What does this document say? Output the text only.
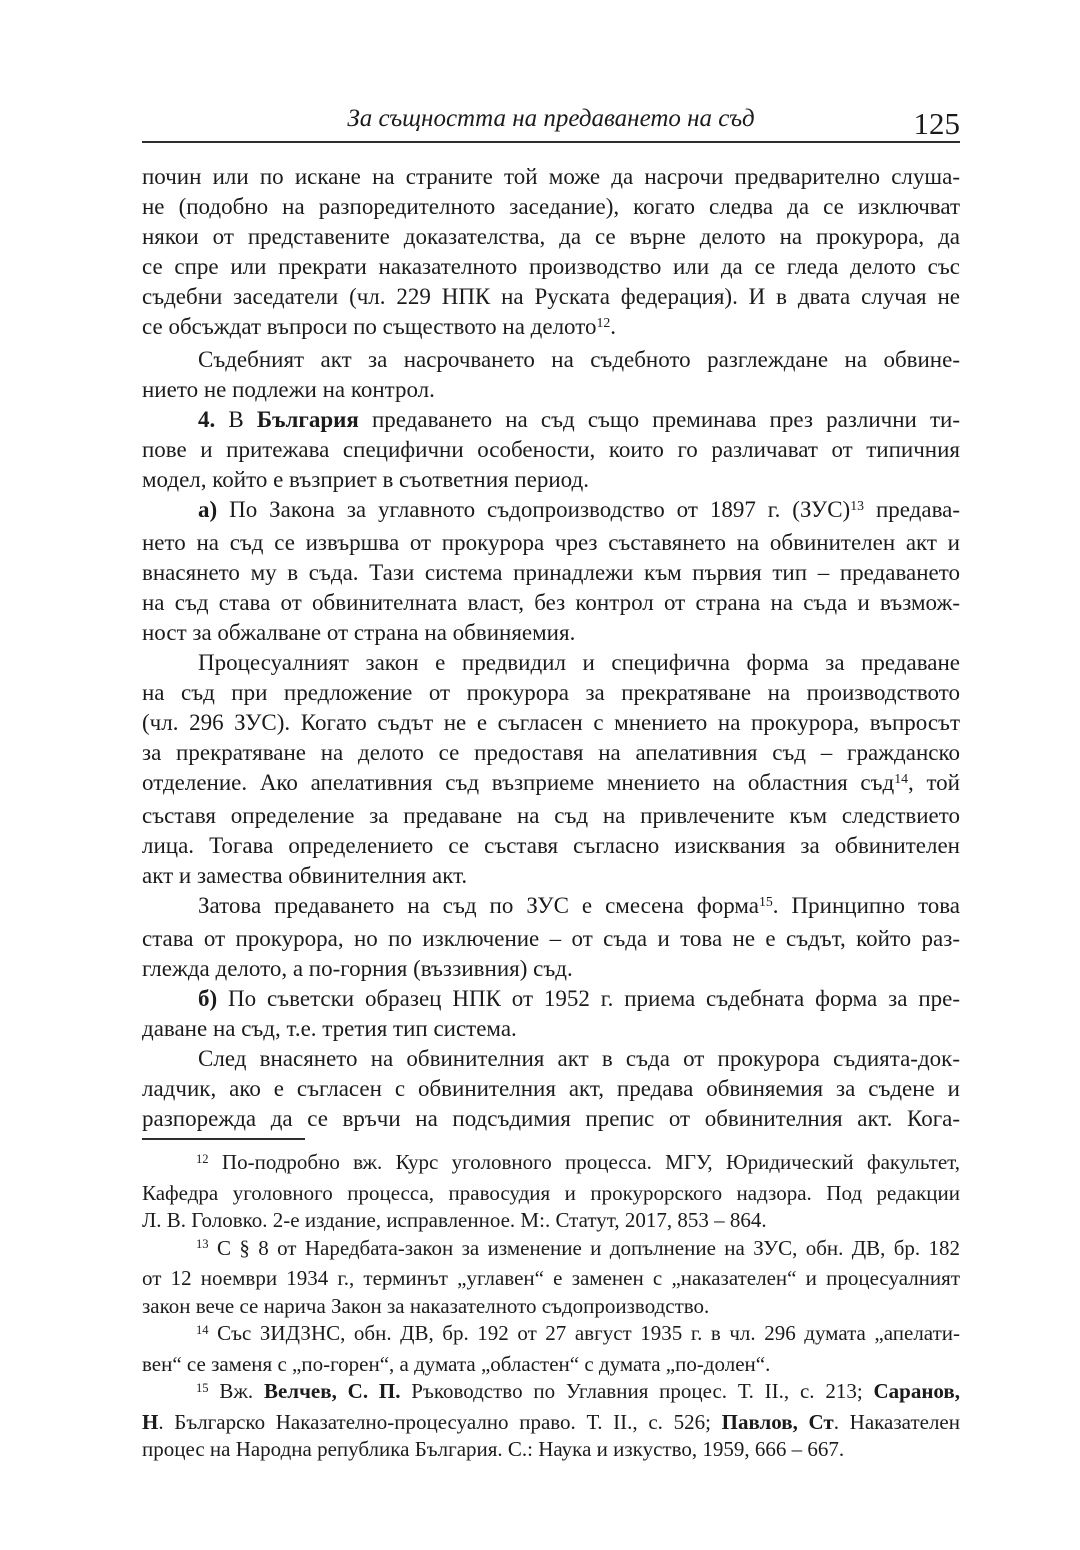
За същността на предаването на съд	125
почин или по искане на страните той може да насрочи предварително слуша-
не (подобно на разпоредителното заседание), когато следва да се изключват
някои от представените доказателства, да се върне делото на прокурора, да
се спре или прекрати наказателното производство или да се гледа делото със
съдебни заседатели (чл. 229 НПК на Руската федерация). И в двата случая не
се обсъждат въпроси по съществото на делото$^{12}$.
Съдебният акт за насрочването на съдебното разглеждане на обвине-
нието не подлежи на контрол.
4. В България предаването на съд също преминава през различни ти-
пове и притежава специфични особености, които го различават от типичния
модел, който е възприет в съответния период.
а) По Закона за углавното съдопроизводство от 1897 г. (ЗУС)$^{13}$ предава-
нето на съд се извършва от прокурора чрез съставянето на обвинителен акт и
внасянето му в съда. Тази система принадлежи към първия тип – предаването
на съд става от обвинителната власт, без контрол от страна на съда и възмож-
ност за обжалване от страна на обвиняемия.
Процесуалният закон е предвидил и специфична форма за предаване
на съд при предложение от прокурора за прекратяване на производството
(чл. 296 ЗУС). Когато съдът не е съгласен с мнението на прокурора, въпросът
за прекратяване на делото се предоставя на апелативния съд – гражданско
отделение. Ако апелативния съд възприеме мнението на областния съд$^{14}$, той
съставя определение за предаване на съд на привлечените към следствието
лица. Тогава определението се съставя съгласно изисквания за обвинителен
акт и замества обвинителния акт.
Затова предаването на съд по ЗУС е смесена форма$^{15}$. Принципно това
става от прокурора, но по изключение – от съда и това не е съдът, който раз-
глежда делото, а по-горния (въззивния) съд.
б) По съветски образец НПК от 1952 г. приема съдебната форма за пре-
даване на съд, т.е. третия тип система.
След внасянето на обвинителния акт в съда от прокурора съдията-док-
ладчик, ако е съгласен с обвинителния акт, предава обвиняемия за съдене и
разпорежда да се връчи на подсъдимия препис от обвинителния акт. Кога-
$^{12}$ По-подробно вж. Курс уголовного процесса. МГУ, Юридический факультет,
Кафедра уголовного процесса, правосудия и прокурорского надзора. Под редакции
Л. В. Головко. 2-е издание, исправленное. М:. Статут, 2017, 853 – 864.
$^{13}$ С § 8 от Наредбата-закон за изменение и допълнение на ЗУС, обн. ДВ, бр. 182
от 12 ноември 1934 г., терминът „углавен“ е заменен с „наказателен“ и процесуалният
закон вече се нарича Закон за наказателното съдопроизводство.
$^{14}$ Със ЗИДЗНС, обн. ДВ, бр. 192 от 27 август 1935 г. в чл. 296 думата „апелати-
вен“ се заменя с „по-горен“, а думата „областен“ с думата „по-долен“.
$^{15}$ Вж. Велчев, С. П. Ръководство по Углавния процес. Т. II., с. 213; Саранов,
Н. Българско Наказателно-процесуално право. Т. II., с. 526; Павлов, Ст. Наказателен
процес на Народна република България. С.: Наука и изкуство, 1959, 666 – 667.
